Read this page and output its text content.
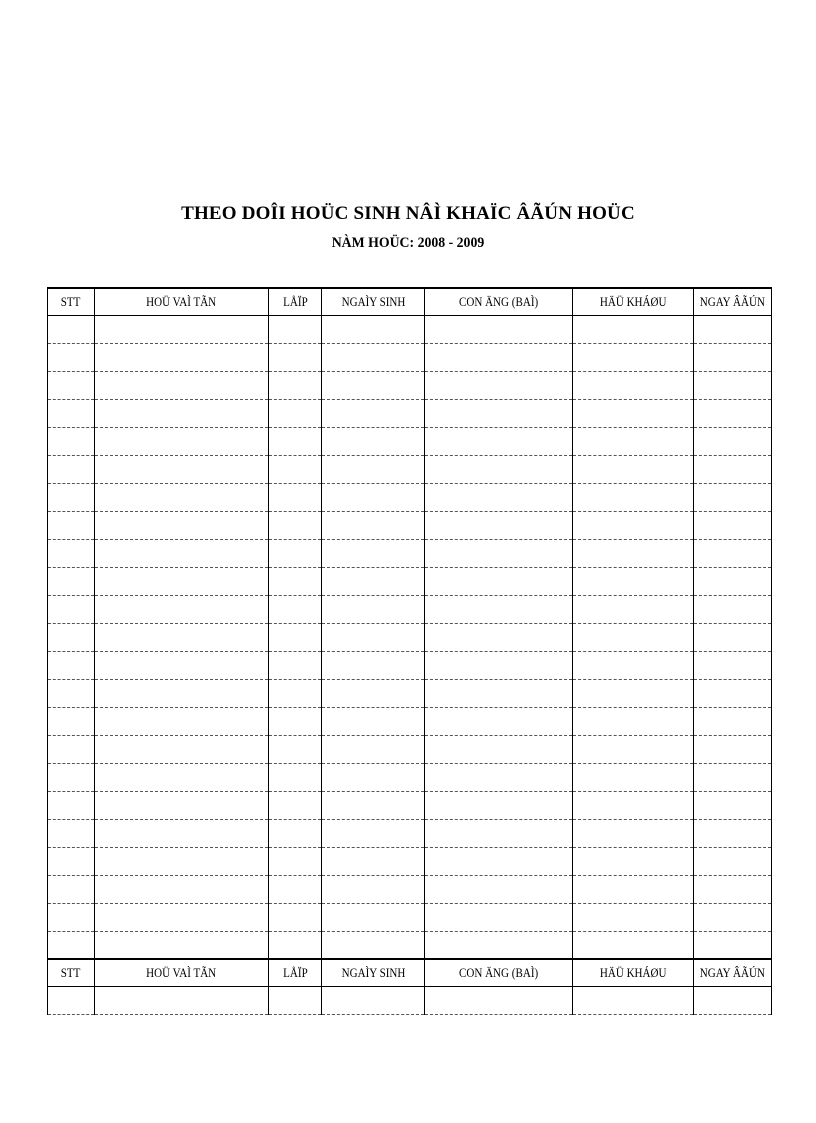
THEO DOÎI HOÜC SINH NÂÌ KHAÏC ÂÃÚN HOÜC
NÀM HOÜC: 2008 - 2009
STT	HOÜ VAÌ TÃN	LÅÏP	NGAÌY SINH	CON ÄNG (BAÌ)	HÄÜ KHÁØU	NGAY ÂÃÚN

STT	HOÜ VAÌ TÃN	LÅÏP	NGAÌY SINH	CON ÄNG (BAÌ)	HÄÜ KHÁØU	NGAY ÂÃÚN
